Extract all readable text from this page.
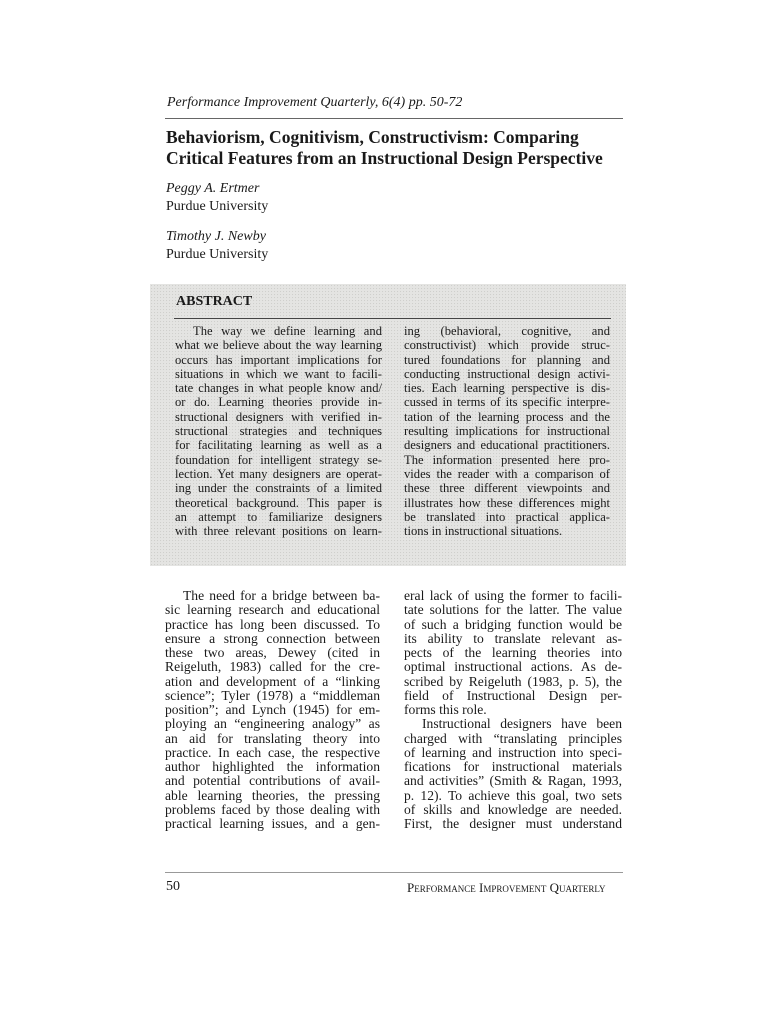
Performance Improvement Quarterly, 6(4) pp. 50-72
Behaviorism, Cognitivism, Constructivism: Comparing
Critical Features from an Instructional Design Perspective
Peggy A. Ertmer
Purdue University
Timothy J. Newby
Purdue University
ABSTRACT
The way we define learning and
what we believe about the way learning
occurs has important implications for
situations in which we want to facili-
tate changes in what people know and/
or do. Learning theories provide in-
structional designers with verified in-
structional strategies and techniques
for facilitating learning as well as a
foundation for intelligent strategy se-
lection. Yet many designers are operat-
ing under the constraints of a limited
theoretical background. This paper is
an attempt to familiarize designers
with three relevant positions on learn-
ing (behavioral, cognitive, and
constructivist) which provide struc-
tured foundations for planning and
conducting instructional design activi-
ties. Each learning perspective is dis-
cussed in terms of its specific interpre-
tation of the learning process and the
resulting implications for instructional
designers and educational practitioners.
The information presented here pro-
vides the reader with a comparison of
these three different viewpoints and
illustrates how these differences might
be translated into practical applica-
tions in instructional situations.
The need for a bridge between ba-
sic learning research and educational
practice has long been discussed. To
ensure a strong connection between
these two areas, Dewey (cited in
Reigeluth, 1983) called for the cre-
ation and development of a “linking
science”; Tyler (1978) a “middleman
position”; and Lynch (1945) for em-
ploying an “engineering analogy” as
an aid for translating theory into
practice. In each case, the respective
author highlighted the information
and potential contributions of avail-
able learning theories, the pressing
problems faced by those dealing with
practical learning issues, and a gen-
eral lack of using the former to facili-
tate solutions for the latter. The value
of such a bridging function would be
its ability to translate relevant as-
pects of the learning theories into
optimal instructional actions. As de-
scribed by Reigeluth (1983, p. 5), the
field of Instructional Design per-
forms this role.
Instructional designers have been
charged with “translating principles
of learning and instruction into speci-
fications for instructional materials
and activities” (Smith & Ragan, 1993,
p. 12). To achieve this goal, two sets
of skills and knowledge are needed.
First, the designer must understand
50	Performance Improvement Quarterly
